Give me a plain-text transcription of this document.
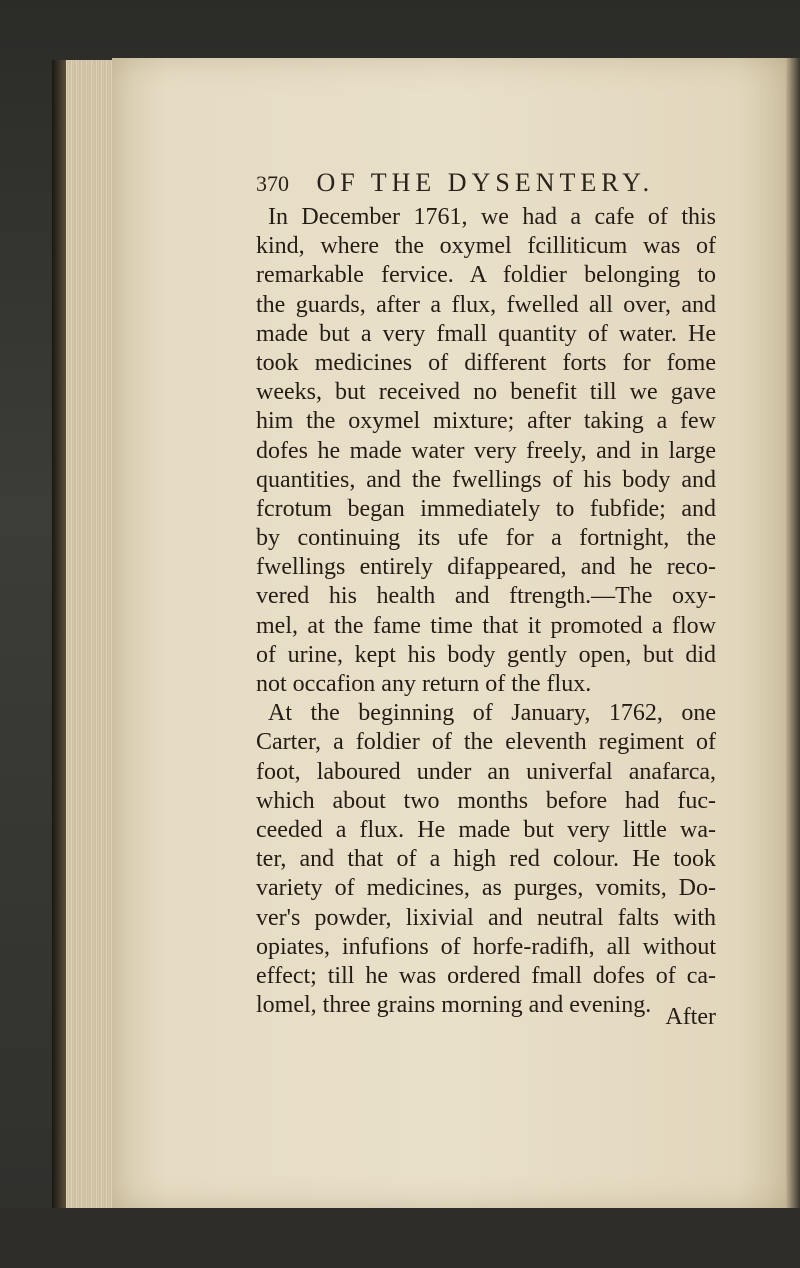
370 OF THE DYSENTERY.
In December 1761, we had a cafe of this
kind, where the oxymel fcilliticum was of
remarkable fervice. A foldier belonging to
the guards, after a flux, fwelled all over, and
made but a very fmall quantity of water. He
took medicines of different forts for fome
weeks, but received no benefit till we gave
him the oxymel mixture; after taking a few
dofes he made water very freely, and in large
quantities, and the fwellings of his body and
fcrotum began immediately to fubfide; and
by continuing its ufe for a fortnight, the
fwellings entirely difappeared, and he reco-
vered his health and ftrength.—The oxy-
mel, at the fame time that it promoted a flow
of urine, kept his body gently open, but did
not occafion any return of the flux.
At the beginning of January, 1762, one
Carter, a foldier of the eleventh regiment of
foot, laboured under an univerfal anafarca,
which about two months before had fuc-
ceeded a flux. He made but very little wa-
ter, and that of a high red colour. He took
variety of medicines, as purges, vomits, Do-
ver's powder, lixivial and neutral falts with
opiates, infufions of horfe-radifh, all without
effect; till he was ordered fmall dofes of ca-
lomel, three grains morning and evening. After
